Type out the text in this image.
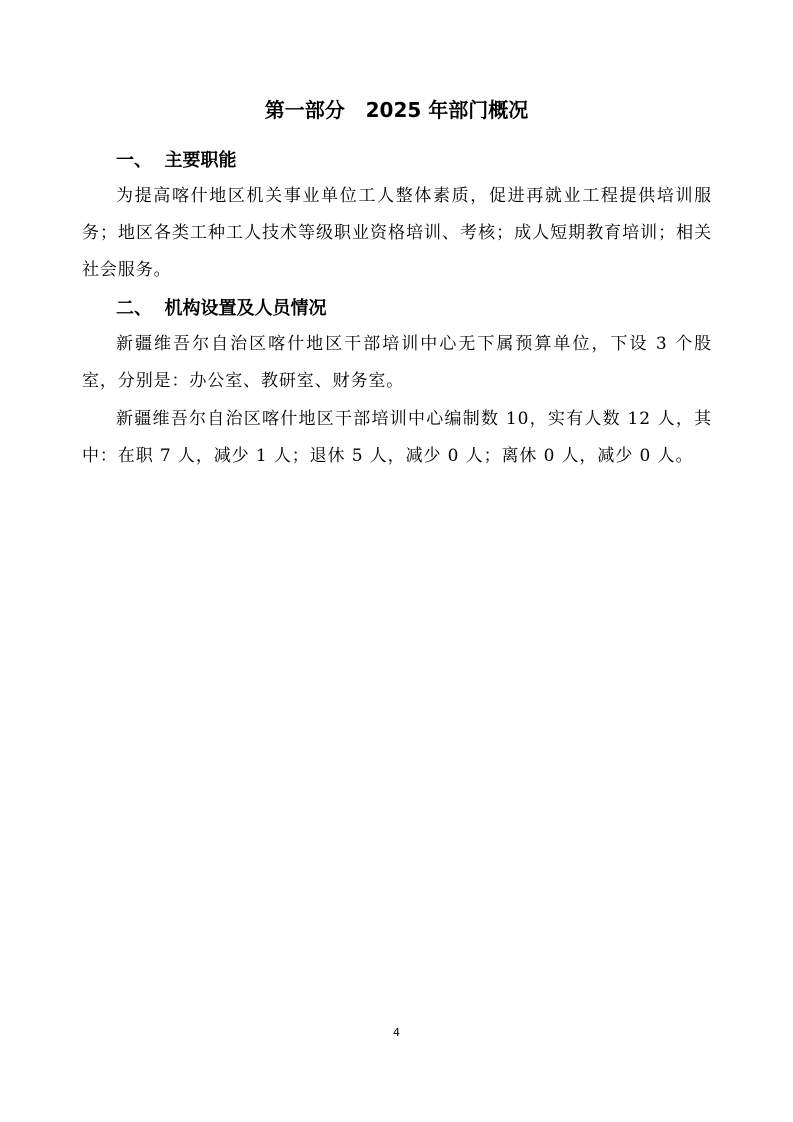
第一部分   2025 年部门概况
一、  主要职能
为提高喀什地区机关事业单位工人整体素质，促进再就业工程提供培训服务；地区各类工种工人技术等级职业资格培训、考核；成人短期教育培训；相关社会服务。
二、  机构设置及人员情况
新疆维吾尔自治区喀什地区干部培训中心无下属预算单位，下设 3 个股室，分别是：办公室、教研室、财务室。
新疆维吾尔自治区喀什地区干部培训中心编制数 10，实有人数 12 人，其中：在职 7 人，减少 1 人；退休 5 人，减少 0 人；离休 0 人，减少 0 人。
4
